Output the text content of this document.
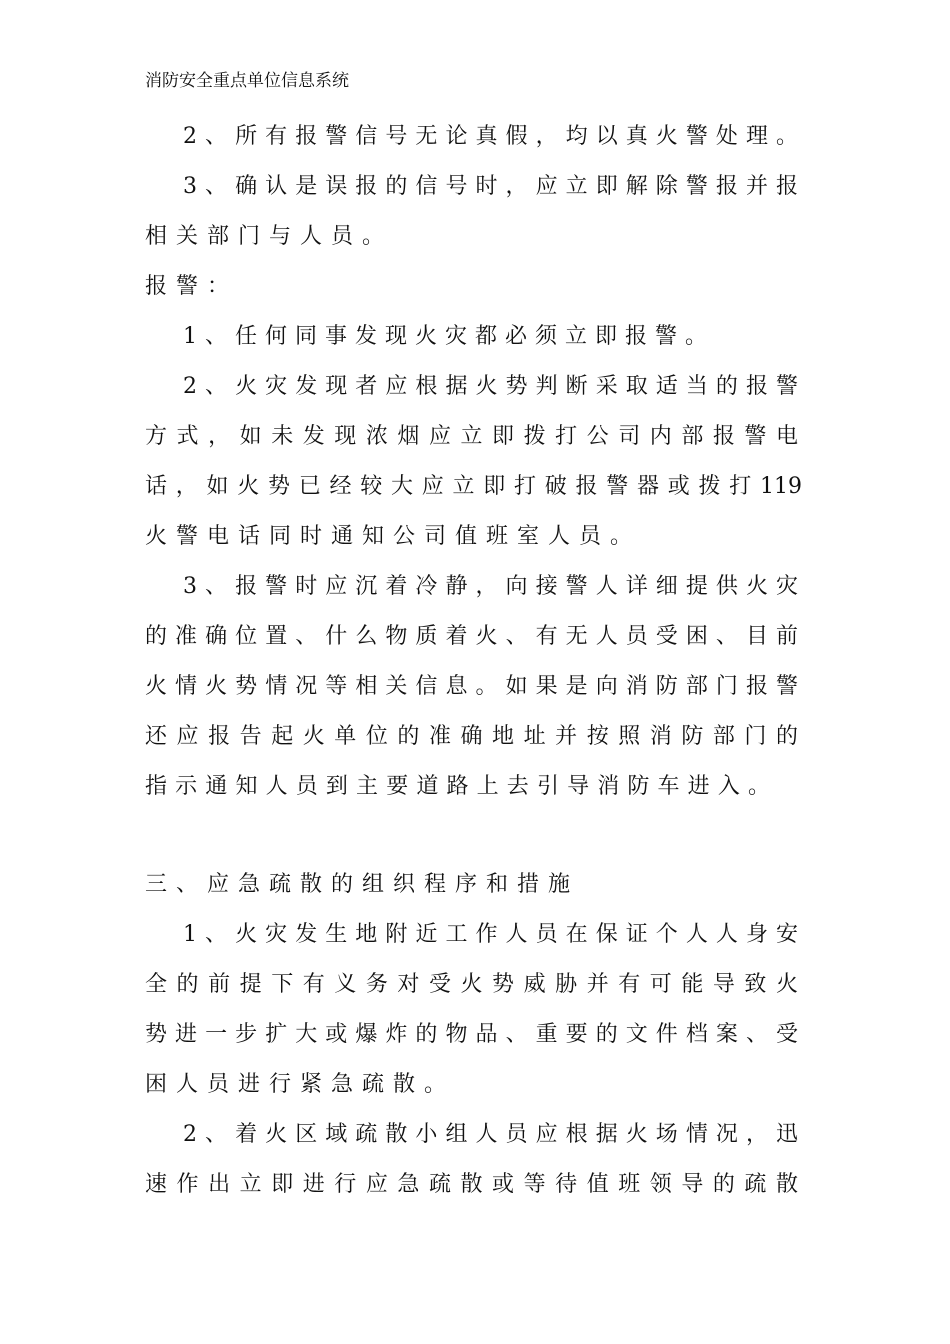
消防安全重点单位信息系统
2、所有报警信号无论真假，均以真火警处理。
3、确认是误报的信号时，应立即解除警报并报
相关部门与人员。
报警：
1、任何同事发现火灾都必须立即报警。
2、火灾发现者应根据火势判断采取适当的报警
方式，如未发现浓烟应立即拨打公司内部报警电
话，如火势已经较大应立即打破报警器或拨打119
火警电话同时通知公司值班室人员。
3、报警时应沉着冷静，向接警人详细提供火灾
的准确位置、什么物质着火、有无人员受困、目前
火情火势情况等相关信息。如果是向消防部门报警
还应报告起火单位的准确地址并按照消防部门的
指示通知人员到主要道路上去引导消防车进入。
三、应急疏散的组织程序和措施
1、火灾发生地附近工作人员在保证个人人身安
全的前提下有义务对受火势威胁并有可能导致火
势进一步扩大或爆炸的物品、重要的文件档案、受
困人员进行紧急疏散。
2、着火区域疏散小组人员应根据火场情况，迅
速作出立即进行应急疏散或等待值班领导的疏散
